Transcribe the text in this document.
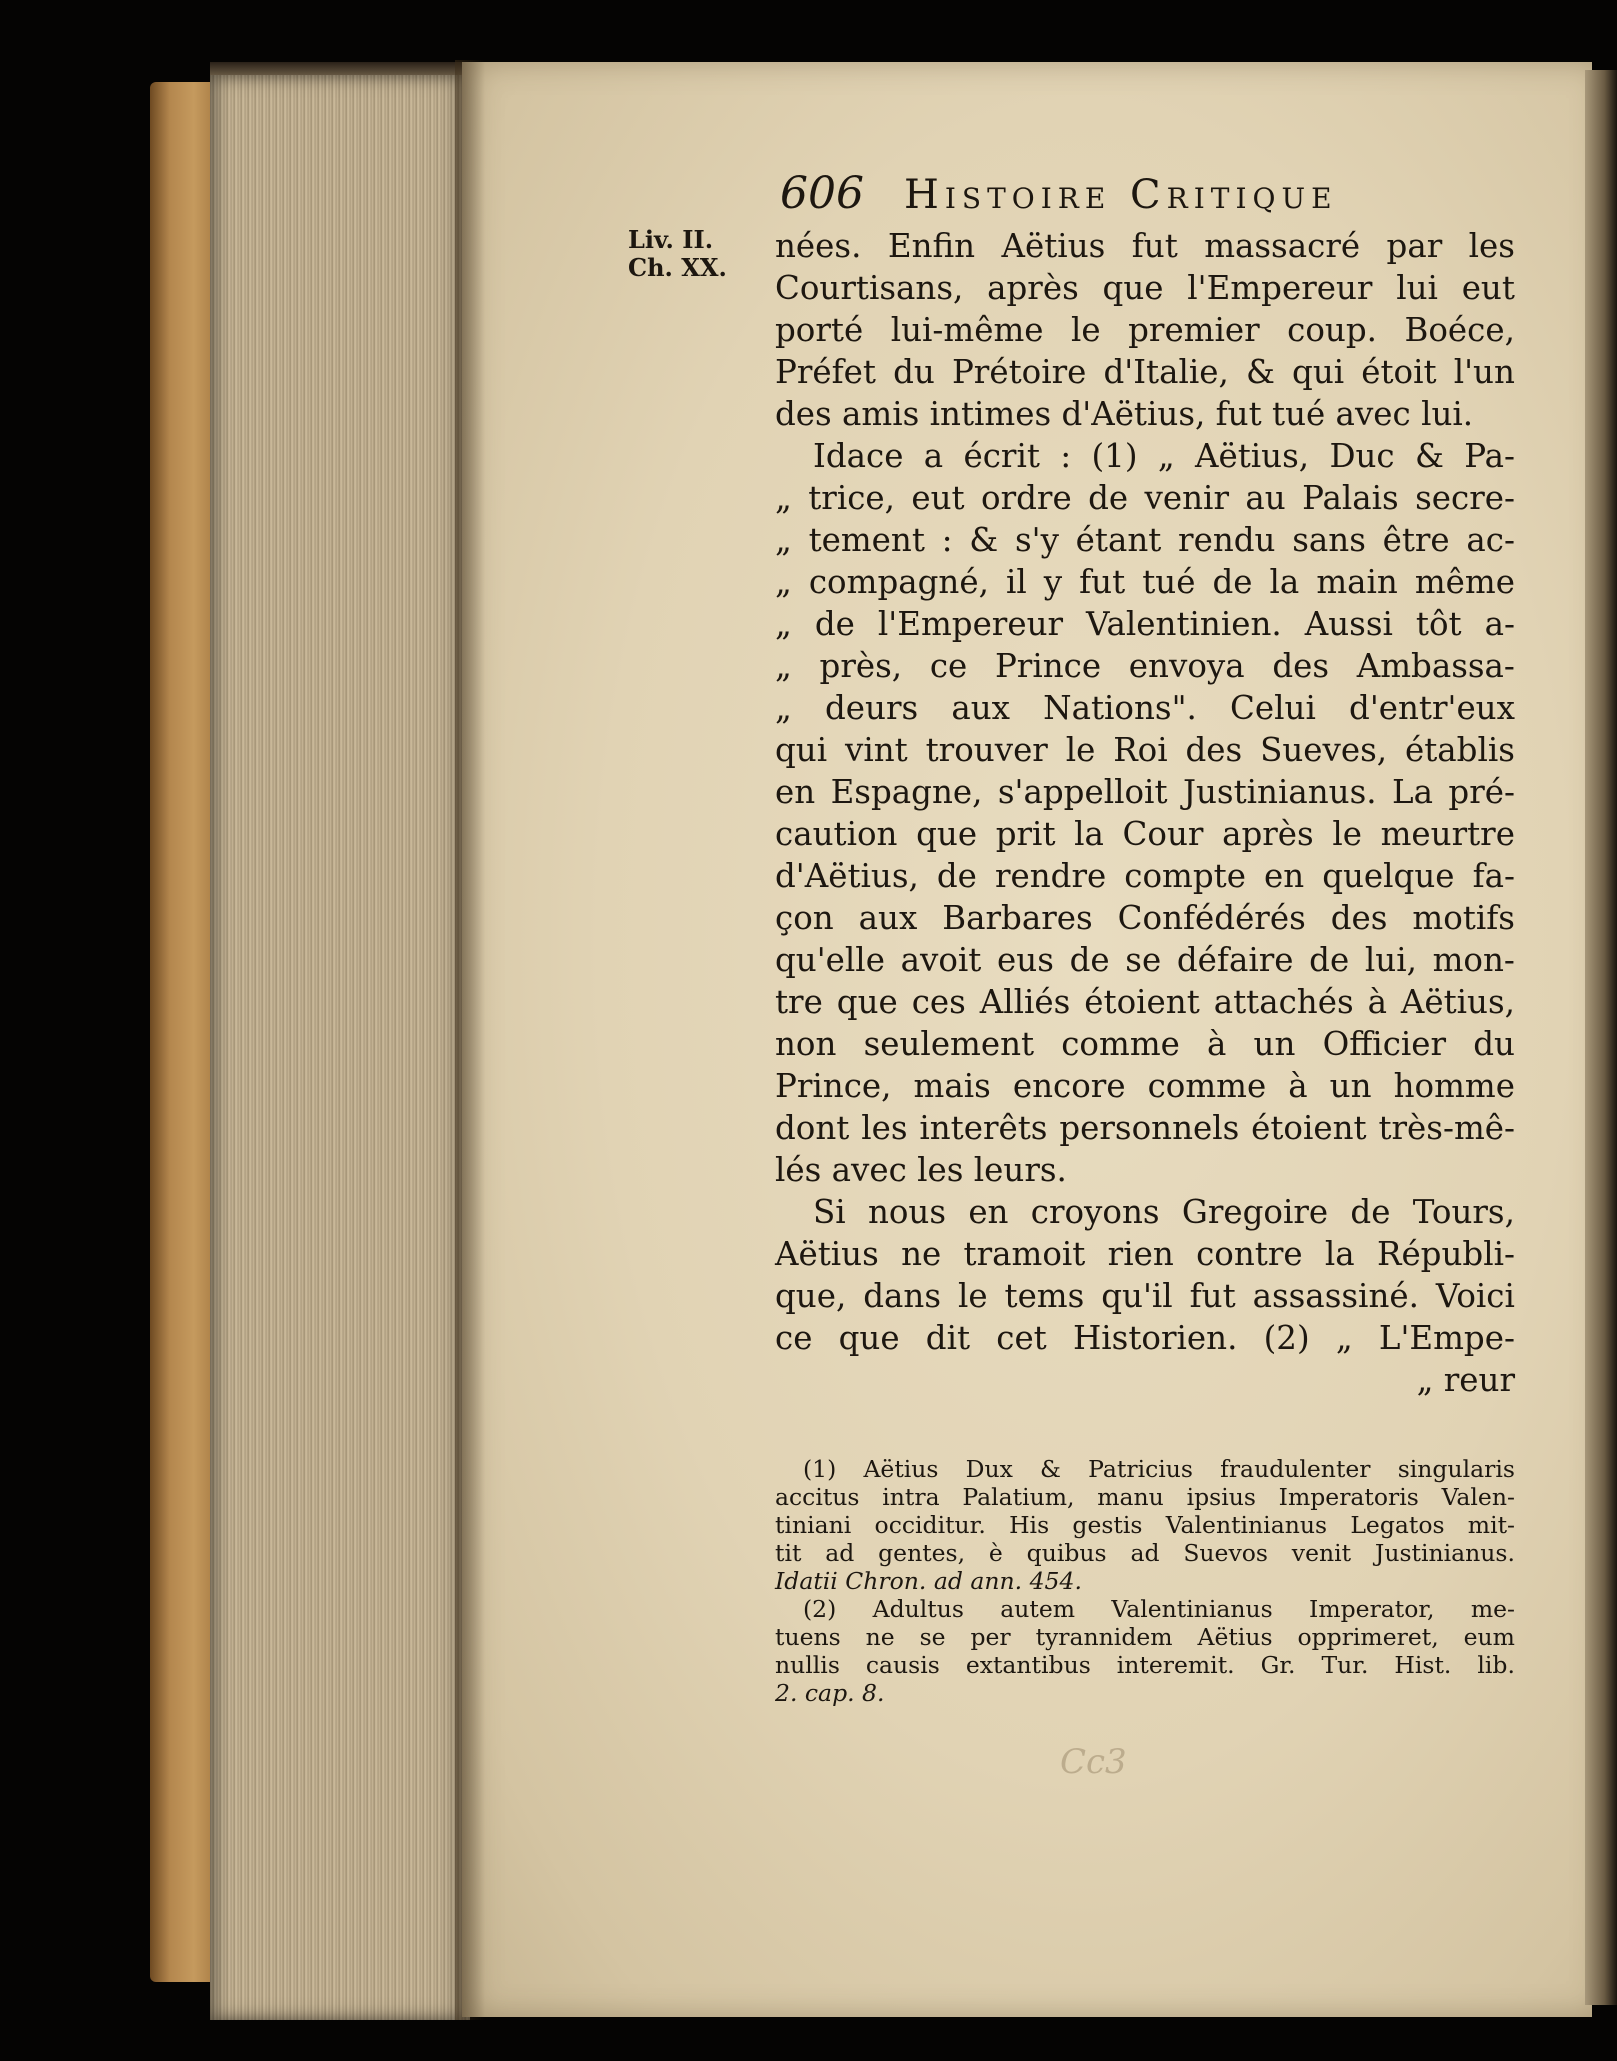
606 Histoire Critique
Liv. II.
Ch. XX.
nées. Enfin Aëtius fut massacré par les
Courtisans, après que l'Empereur lui eut
porté lui-même le premier coup. Boéce,
Préfet du Prétoire d'Italie, & qui étoit l'un
des amis intimes d'Aëtius, fut tué avec lui.
Idace a écrit : (1) „ Aëtius, Duc & Pa-
„ trice, eut ordre de venir au Palais secre-
„ tement : & s'y étant rendu sans être ac-
„ compagné, il y fut tué de la main même
„ de l'Empereur Valentinien. Aussi tôt a-
„ près, ce Prince envoya des Ambassa-
„ deurs aux Nations". Celui d'entr'eux
qui vint trouver le Roi des Sueves, établis
en Espagne, s'appelloit Justinianus. La pré-
caution que prit la Cour après le meurtre
d'Aëtius, de rendre compte en quelque fa-
çon aux Barbares Confédérés des motifs
qu'elle avoit eus de se défaire de lui, mon-
tre que ces Alliés étoient attachés à Aëtius,
non seulement comme à un Officier du
Prince, mais encore comme à un homme
dont les interêts personnels étoient très-mê-
lés avec les leurs.
Si nous en croyons Gregoire de Tours,
Aëtius ne tramoit rien contre la Républi-
que, dans le tems qu'il fut assassiné. Voici
ce que dit cet Historien. (2) „ L'Empe-
„ reur
(1) Aëtius Dux & Patricius fraudulenter singularis
accitus intra Palatium, manu ipsius Imperatoris Valen-
tiniani occiditur. His gestis Valentinianus Legatos mit-
tit ad gentes, è quibus ad Suevos venit Justinianus.
Idatii Chron. ad ann. 454.
(2) Adultus autem Valentinianus Imperator, me-
tuens ne se per tyrannidem Aëtius opprimeret, eum
nullis causis extantibus interemit. Gr. Tur. Hist. lib.
2. cap. 8.
Cc3
